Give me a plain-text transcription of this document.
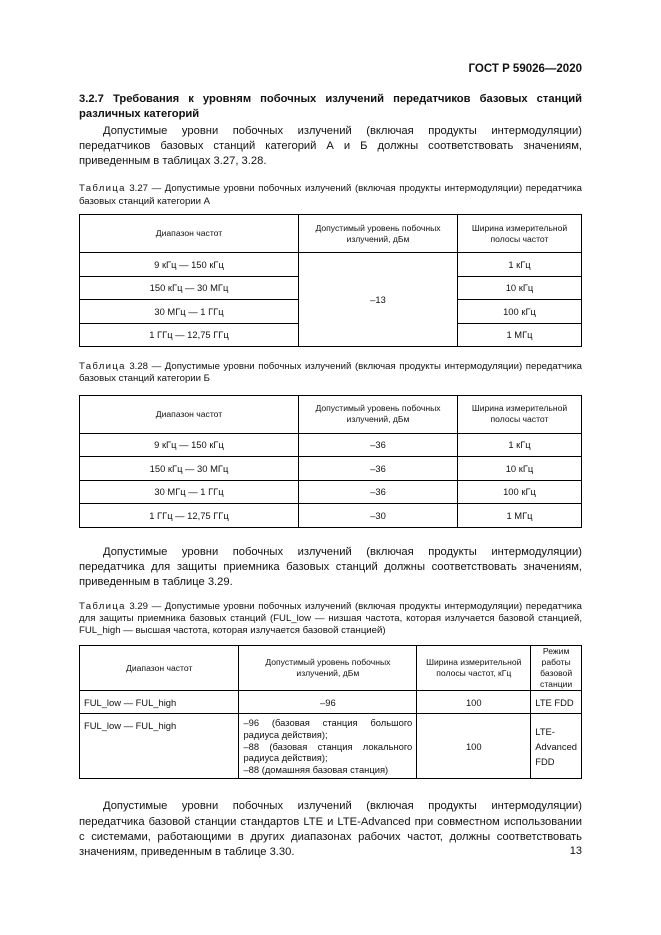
ГОСТ Р 59026—2020

3.2.7 Требования к уровням побочных излучений передатчиков базовых станций различных категорий

Допустимые уровни побочных излучений (включая продукты интермодуляции) передатчиков базовых станций категорий А и Б должны соответствовать значениям, приведенным в таблицах 3.27, 3.28.

Таблица 3.27 — Допустимые уровни побочных излучений (включая продукты интермодуляции) передатчика базовых станций категории А

Диапазон частот	Допустимый уровень побочных излучений, дБм	Ширина измерительной полосы частот
9 кГц — 150 кГц	–13	1 кГц
150 кГц — 30 МГц		10 кГц
30 МГц — 1 ГГц		100 кГц
1 ГГц — 12,75 ГГц		1 МГц

Таблица 3.28 — Допустимые уровни побочных излучений (включая продукты интермодуляции) передатчика базовых станций категории Б

Диапазон частот	Допустимый уровень побочных излучений, дБм	Ширина измерительной полосы частот
9 кГц — 150 кГц	–36	1 кГц
150 кГц — 30 МГц	–36	10 кГц
30 МГц — 1 ГГц	–36	100 кГц
1 ГГц — 12,75 ГГц	–30	1 МГц

Допустимые уровни побочных излучений (включая продукты интермодуляции) передатчика для защиты приемника базовых станций должны соответствовать значениям, приведенным в таблице 3.29.

Таблица 3.29 — Допустимые уровни побочных излучений (включая продукты интермодуляции) передатчика для защиты приемника базовых станций (FUL_low — низшая частота, которая излучается базовой станцией, FUL_high — высшая частота, которая излучается базовой станцией)

Диапазон частот	Допустимый уровень побочных излучений, дБм	Ширина измерительной полосы частот, кГц	Режим работы базовой станции
FUL_low — FUL_high	–96	100	LTE FDD
FUL_low — FUL_high	–96 (базовая станция большого радиуса действия);
–88 (базовая станция локального радиуса действия);
–88 (домашняя базовая станция)	100	LTE-Advanced FDD

Допустимые уровни побочных излучений (включая продукты интермодуляции) передатчика базовой станции стандартов LTE и LTE-Advanced при совместном использовании с системами, работающими в других диапазонах рабочих частот, должны соответствовать значениям, приведенным в таблице 3.30.	13
